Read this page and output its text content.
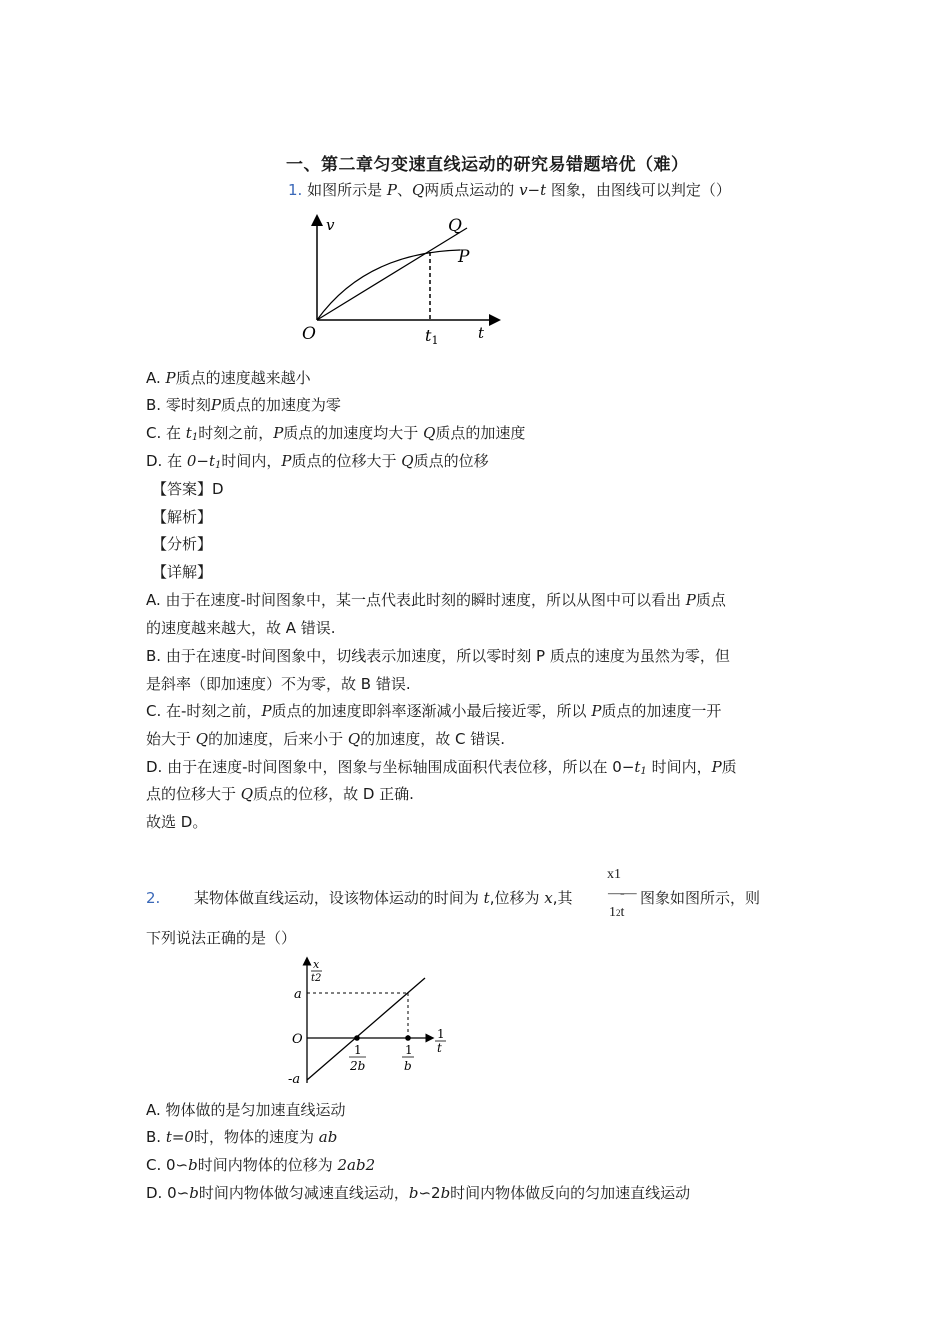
一、第二章匀变速直线运动的研究易错题培优（难）
1. 如图所示是 P、Q两质点运动的 v−t 图象，由图线可以判定（）
v
t
O
Q
P
t1
A. P质点的速度越来越小
B. 零时刻P质点的加速度为零
C. 在 $t_1$时刻之前，P质点的加速度均大于 Q质点的加速度
D. 在 $0-t_1$时间内，P质点的位移大于 Q质点的位移
【答案】D
【解析】
【分析】
【详解】
A. 由于在速度-时间图象中，某一点代表此时刻的瞬时速度，所以从图中可以看出 P质点
的速度越来越大，故 A 错误.
B. 由于在速度-时间图象中，切线表示加速度，所以零时刻 P 质点的速度为虽然为零，但
是斜率（即加速度）不为零，故 B 错误.
C. 在-时刻之前，P质点的加速度即斜率逐渐减小最后接近零，所以 P质点的加速度一开
始大于 Q的加速度，后来小于 Q的加速度，故 C 错误.
D. 由于在速度-时间图象中，图象与坐标轴围成面积代表位移，所以在 $0-t_1$ 时间内，P质
点的位移大于 Q质点的位移，故 D 正确.
故选 D。
2. 某物体做直线运动，设该物体运动的时间为 t,位移为 x,其
x1
—-—
12t
图象如图所示，则
下列说法正确的是（）
x
t2
a
O
-a
1
t
1
2b
1
b
A. 物体做的是匀加速直线运动
B. t=0时，物体的速度为 ab
C. 0∽b时间内物体的位移为 2ab2
D. 0∽b时间内物体做匀减速直线运动，b∽2b时间内物体做反向的匀加速直线运动
